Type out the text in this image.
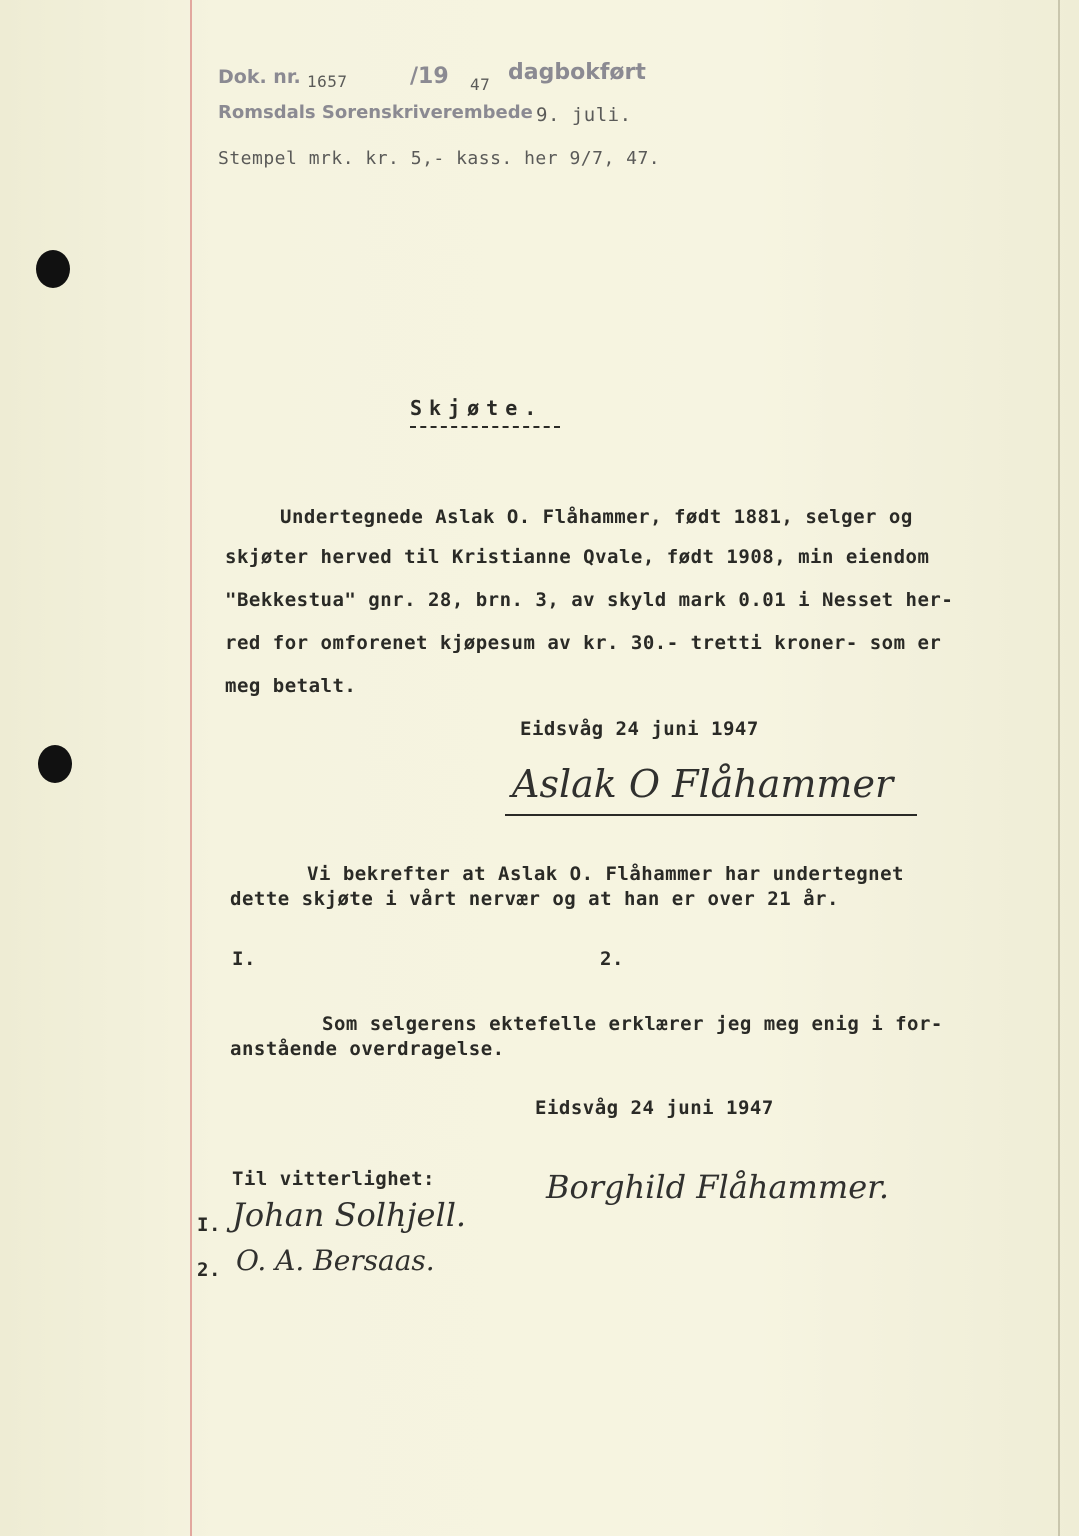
Dok. nr. 1657	/19 47 dagbokført
Romsdals Sorenskriverembede 9. juli.
Stempel mrk. kr. 5,- kass. her 9/7, 47.
Skjøte.
Undertegnede Aslak O. Flåhammer, født 1881, selger og
skjøter herved til Kristianne Qvale, født 1908, min eiendom
"Bekkestua" gnr. 28, brn. 3, av skyld mark 0.01 i Nesset her-
red for omforenet kjøpesum av kr. 30.- tretti kroner- som er
meg betalt.
Eidsvåg 24 juni 1947
Aslak O Flåhammer
Vi bekrefter at Aslak O. Flåhammer har undertegnet
dette skjøte i vårt nervær og at han er over 21 år.
I.	2.
Som selgerens ektefelle erklærer jeg meg enig i for-
anstående overdragelse.
Eidsvåg 24 juni 1947
Til vitterlighet:	Borghild Flåhammer.
I. Johan Solhjell.
2. O. A. Bersaas.
